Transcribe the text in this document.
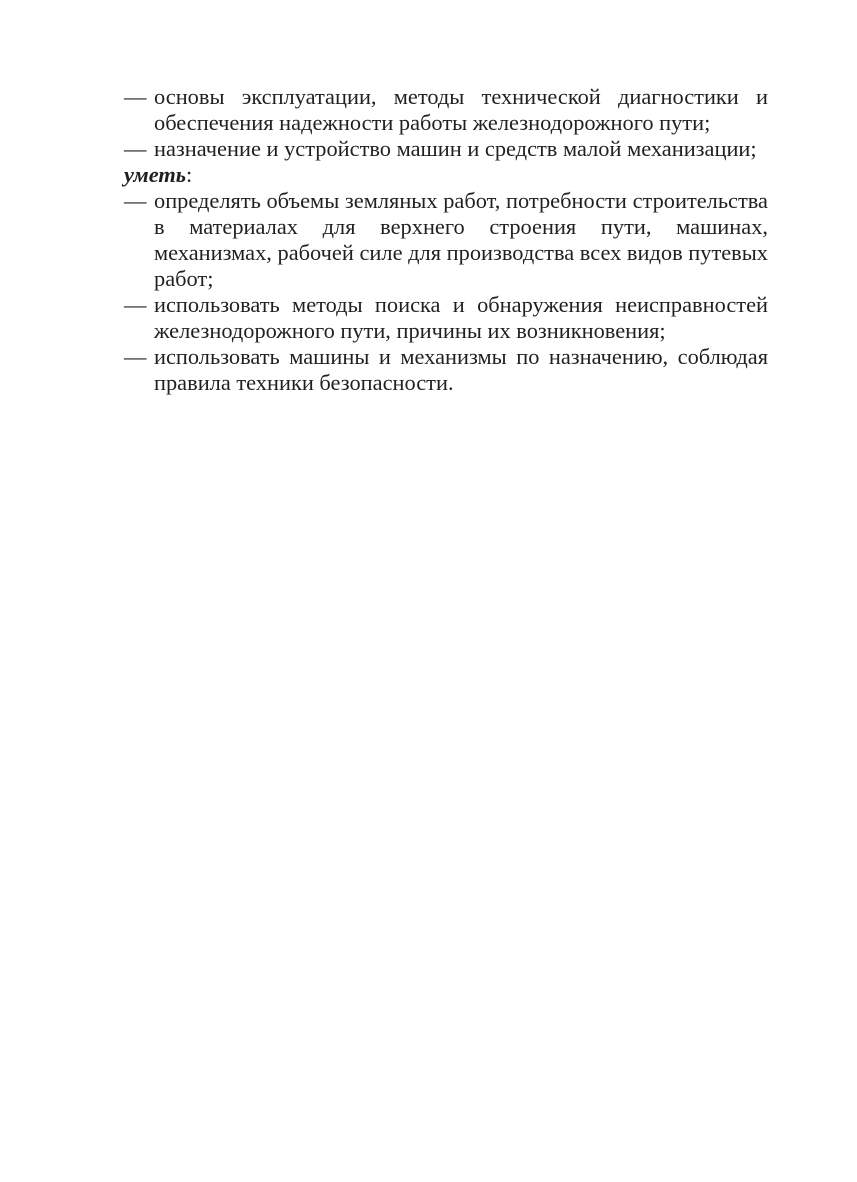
— основы эксплуатации, методы технической диагностики и обеспечения надежности работы железнодорожного пути;
— назначение и устройство машин и средств малой механизации;
уметь:
— определять объемы земляных работ, потребности строительства в материалах для верхнего строения пути, машинах, механизмах, рабочей силе для производства всех видов путевых работ;
— использовать методы поиска и обнаружения неисправностей железнодорожного пути, причины их возникновения;
— использовать машины и механизмы по назначению, соблюдая правила техники безопасности.
